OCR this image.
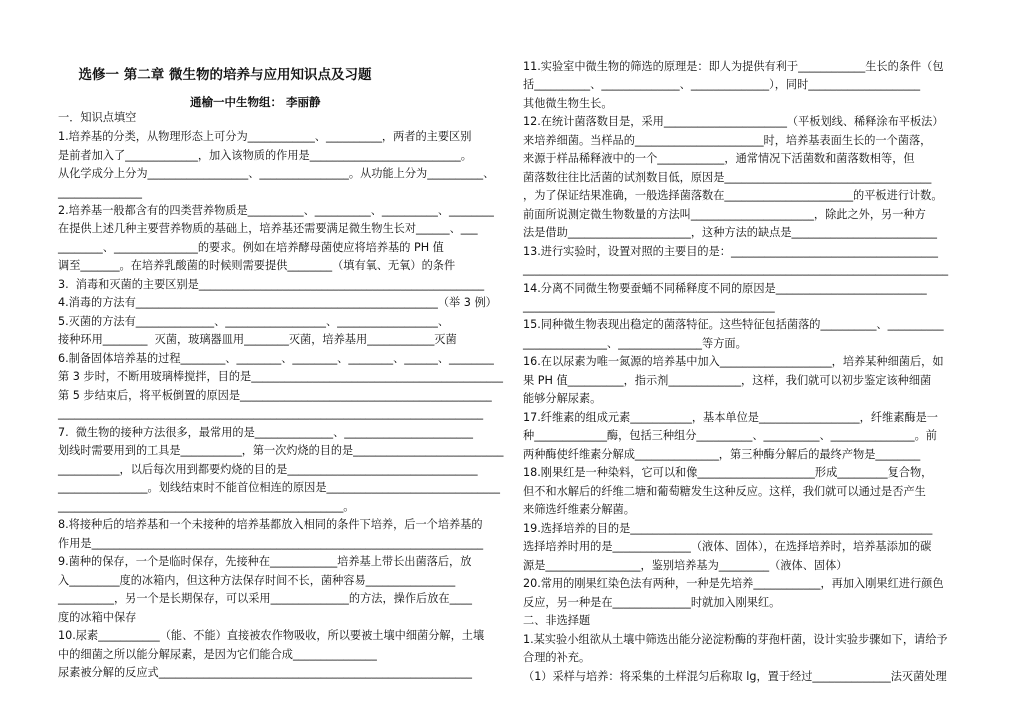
选修一 第二章 微生物的培养与应用知识点及习题
通榆一中生物组： 李丽静
一．知识点填空
1.培养基的分类，从物理形态上可分为____________、__________，两者的主要区别
是前者加入了_____________，加入该物质的作用是___________________________。
从化学成分上分为__________________、________________。从功能上分为__________、
_______________
2.培养基一般都含有的四类营养物质是__________、__________、__________、________
在提供上述几种主要营养物质的基础上，培养基还需要满足微生物生长对______、___
________、_______________的要求。例如在培养酵母菌使应将培养基的 PH 值
调至_______。在培养乳酸菌的时候则需要提供________（填有氧、无氧）的条件
3.  消毒和灭菌的主要区别是___________________________________________________
4.消毒的方法有______________________________________________________（举 3 例）
5.灭菌的方法有______________、__________________、__________________、
接种环用________  灭菌，玻璃器皿用________灭菌，培养基用____________灭菌
6.制备固体培养基的过程________、________、________、________、______、________
第 3 步时，不断用玻璃棒搅拌，目的是_____________________________________________
第 5 步结束后，将平板倒置的原因是_____________________________________________
____________________________________________________________________________
7.  微生物的接种方法很多，最常用的是______________、_______________________
划线时需要用到的工具是___________，第一次灼烧的目的是___________________________
___________，以后每次用到都要灼烧的目的是__________________________________
________________。划线结束时不能首位相连的原因是_______________________________
___________________________________________________。
8.将接种后的培养基和一个未接种的培养基都放入相同的条件下培养，后一个培养基的
作用是______________________________________________________________________
9.菌种的保存，一个是临时保存，先接种在____________培养基上带长出菌落后，放
入_________度的冰箱内，但这种方法保存时间不长，菌种容易________________
__________，另一个是长期保存，可以采用______________的方法，操作后放在____
度的冰箱中保存
10.尿素___________（能、不能）直接被农作物吸收，所以要被土壤中细菌分解，土壤
中的细菌之所以能分解尿素，是因为它们能合成_______________
尿素被分解的反应式________________________________________________________
11.实验室中微生物的筛选的原理是：即人为提供有利于____________生长的条件（包
括__________、______________、______________），同时____________________
其他微生物生长。
12.在统计菌落数目是，采用______________________（平板划线、稀释涂布平板法）
来培养细菌。当样品的_______________________时，培养基表面生长的一个菌落，
来源于样品稀释液中的一个____________，通常情况下活菌数和菌落数相等，但
菌落数往往比活菌的试剂数目低，原因是_____________________________________
，为了保证结果准确，一般选择菌落数在_______________________的平板进行计数。
前面所说测定微生物数量的方法叫______________________，除此之外，另一种方
法是借助______________________，这种方法的缺点是__________________________
13.进行实验时，设置对照的主要目的是：_____________________________________
____________________________________________________________________________
14.分离不同微生物要蚕蛹不同稀释度不同的原因是___________________________
_____________________________________________
15.同种微生物表现出稳定的菌落特征。这些特征包括菌落的__________、__________
_______________、_______________等方面。
16.在以尿素为唯一氮源的培养基中加入____________________，培养某种细菌后，如
果 PH 值__________，指示剂_____________，这样，我们就可以初步鉴定该种细菌
能够分解尿素。
17.纤维素的组成元素___________，基本单位是__________________，纤维素酶是一
种_____________酶，包括三种组分__________、__________、_______________。前
两种酶使纤维素分解成_______________，第三种酶分解后的最终产物是________
18.刚果红是一种染料，它可以和像_____________________形成_________复合物，
但不和水解后的纤维二塘和葡萄糖发生这种反应。这样，我们就可以通过是否产生
来筛选纤维素分解菌。
19.选择培养的目的是______________________________________________________
选择培养时用的是______________（液体、固体），在选择培养时，培养基添加的碳
源是_________________，鉴别培养基为_________（液体、固体）
20.常用的刚果红染色法有两种，一种是先培养____________，再加入刚果红进行颜色
反应，另一种是在______________时就加入刚果红。
二、非选择题
1.某实验小组欲从土壤中筛选出能分泌淀粉酶的芽孢杆菌，设计实验步骤如下，请给予
合理的补充。
（1）采样与培养：将采集的土样混匀后称取 lg，置于经过______________法灭菌处理
